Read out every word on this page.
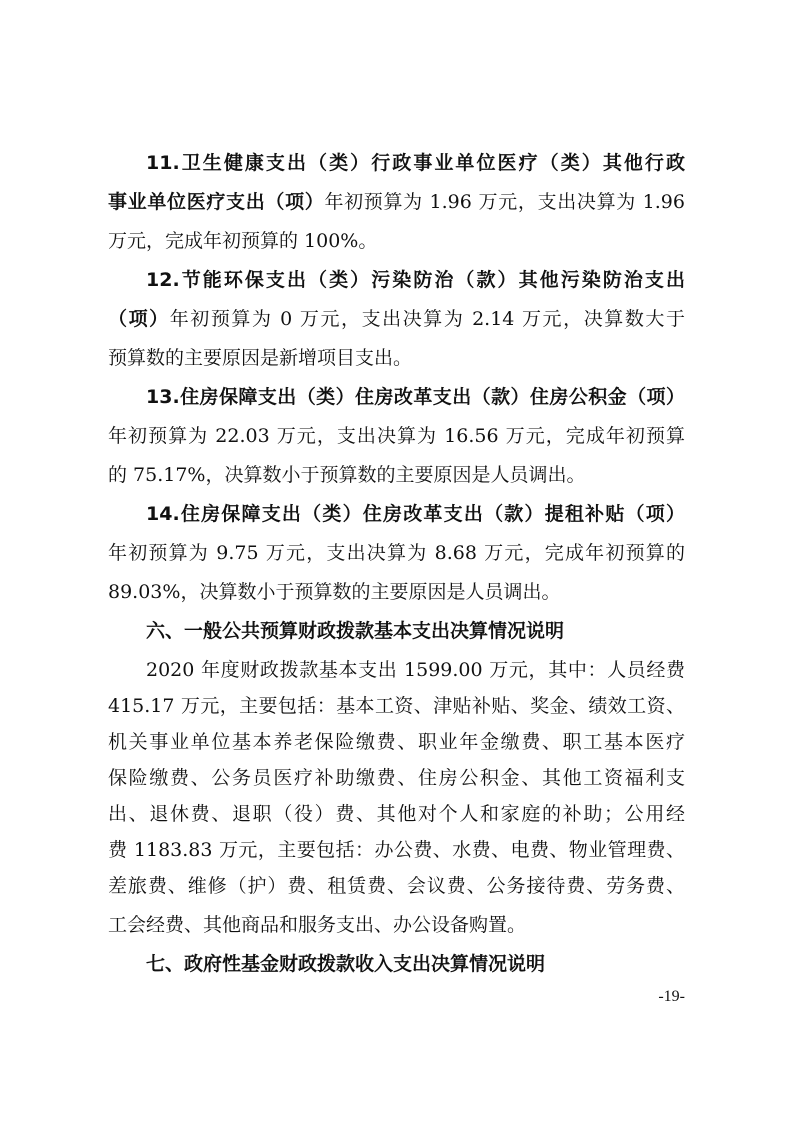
11.卫生健康支出（类）行政事业单位医疗（类）其他行政
事业单位医疗支出（项）年初预算为 1.96 万元，支出决算为 1.96
万元，完成年初预算的 100%。
12.节能环保支出（类）污染防治（款）其他污染防治支出
（项）年初预算为 0 万元，支出决算为 2.14 万元，决算数大于
预算数的主要原因是新增项目支出。
13.住房保障支出（类）住房改革支出（款）住房公积金（项）
年初预算为 22.03 万元，支出决算为 16.56 万元，完成年初预算
的 75.17%，决算数小于预算数的主要原因是人员调出。
14.住房保障支出（类）住房改革支出（款）提租补贴（项）
年初预算为 9.75 万元，支出决算为 8.68 万元，完成年初预算的
89.03%，决算数小于预算数的主要原因是人员调出。
六、一般公共预算财政拨款基本支出决算情况说明
2020 年度财政拨款基本支出 1599.00 万元，其中：人员经费
415.17 万元，主要包括：基本工资、津贴补贴、奖金、绩效工资、
机关事业单位基本养老保险缴费、职业年金缴费、职工基本医疗
保险缴费、公务员医疗补助缴费、住房公积金、其他工资福利支
出、退休费、退职（役）费、其他对个人和家庭的补助；公用经
费 1183.83 万元，主要包括：办公费、水费、电费、物业管理费、
差旅费、维修（护）费、租赁费、会议费、公务接待费、劳务费、
工会经费、其他商品和服务支出、办公设备购置。
七、政府性基金财政拨款收入支出决算情况说明
-19-
